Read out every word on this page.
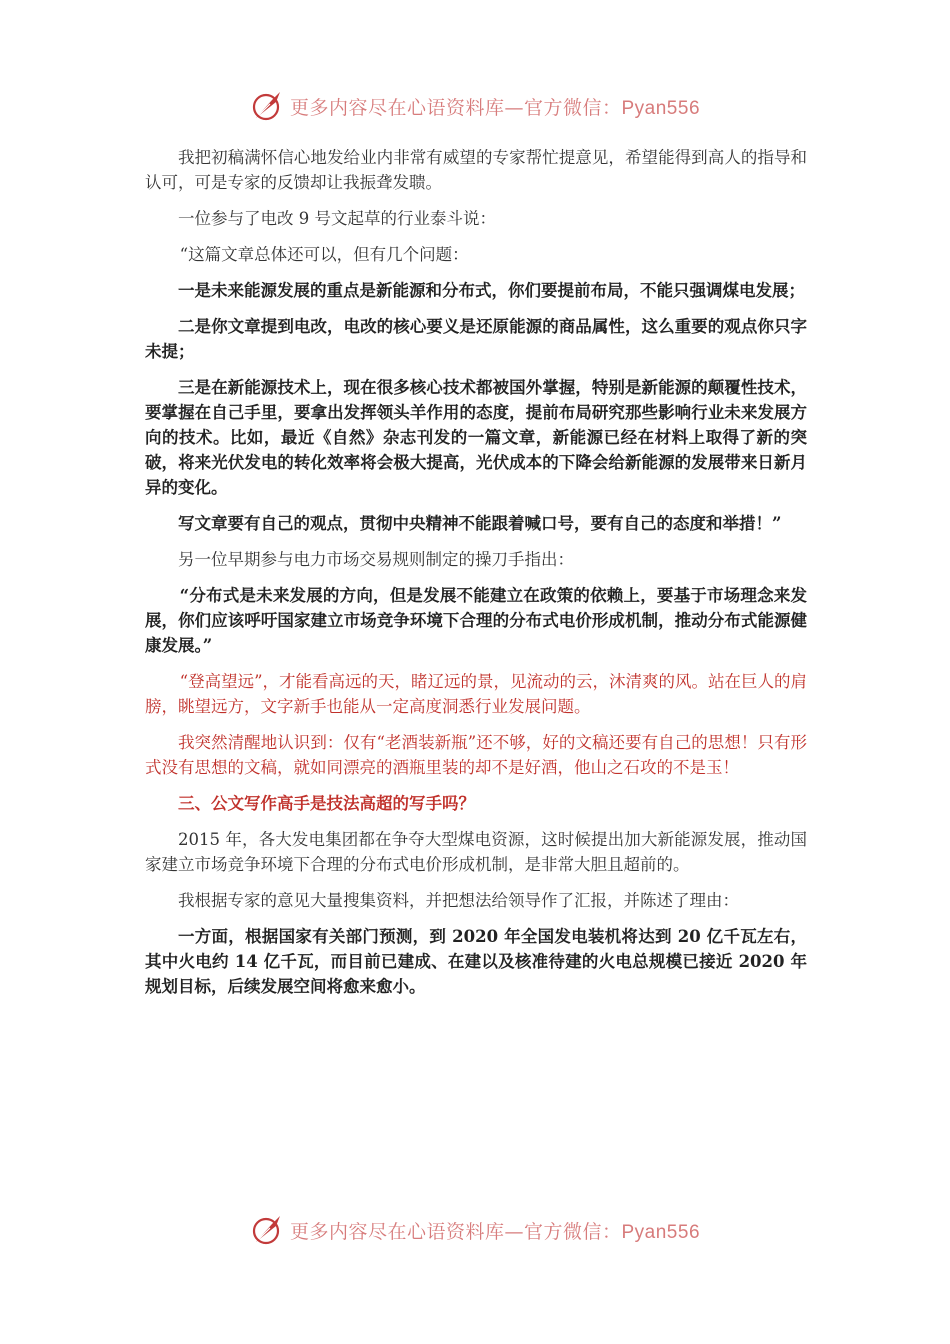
更多内容尽在心语资料库—官方微信：Pyan556

我把初稿满怀信心地发给业内非常有威望的专家帮忙提意见，希望能得到高人的指导和认可，可是专家的反馈却让我振聋发聩。

一位参与了电改 9 号文起草的行业泰斗说：

“这篇文章总体还可以，但有几个问题：

一是未来能源发展的重点是新能源和分布式，你们要提前布局，不能只强调煤电发展；

二是你文章提到电改，电改的核心要义是还原能源的商品属性，这么重要的观点你只字未提；

三是在新能源技术上，现在很多核心技术都被国外掌握，特别是新能源的颠覆性技术，要掌握在自己手里，要拿出发挥领头羊作用的态度，提前布局研究那些影响行业未来发展方向的技术。比如，最近《自然》杂志刊发的一篇文章，新能源已经在材料上取得了新的突破，将来光伏发电的转化效率将会极大提高，光伏成本的下降会给新能源的发展带来日新月异的变化。

写文章要有自己的观点，贯彻中央精神不能跟着喊口号，要有自己的态度和举措！”

另一位早期参与电力市场交易规则制定的操刀手指出：

“分布式是未来发展的方向，但是发展不能建立在政策的依赖上，要基于市场理念来发展，你们应该呼吁国家建立市场竞争环境下合理的分布式电价形成机制，推动分布式能源健康发展。”

“登高望远”，才能看高远的天，睹辽远的景，见流动的云，沐清爽的风。站在巨人的肩膀，眺望远方，文字新手也能从一定高度洞悉行业发展问题。

我突然清醒地认识到：仅有“老酒装新瓶”还不够，好的文稿还要有自己的思想！只有形式没有思想的文稿，就如同漂亮的酒瓶里装的却不是好酒，他山之石攻的不是玉！

三、公文写作高手是技法高超的写手吗？

2015 年，各大发电集团都在争夺大型煤电资源，这时候提出加大新能源发展，推动国家建立市场竞争环境下合理的分布式电价形成机制，是非常大胆且超前的。

我根据专家的意见大量搜集资料，并把想法给领导作了汇报，并陈述了理由：

一方面，根据国家有关部门预测，到 2020 年全国发电装机将达到 20 亿千瓦左右，其中火电约 14 亿千瓦，而目前已建成、在建以及核准待建的火电总规模已接近 2020 年规划目标，后续发展空间将愈来愈小。

更多内容尽在心语资料库—官方微信：Pyan556
